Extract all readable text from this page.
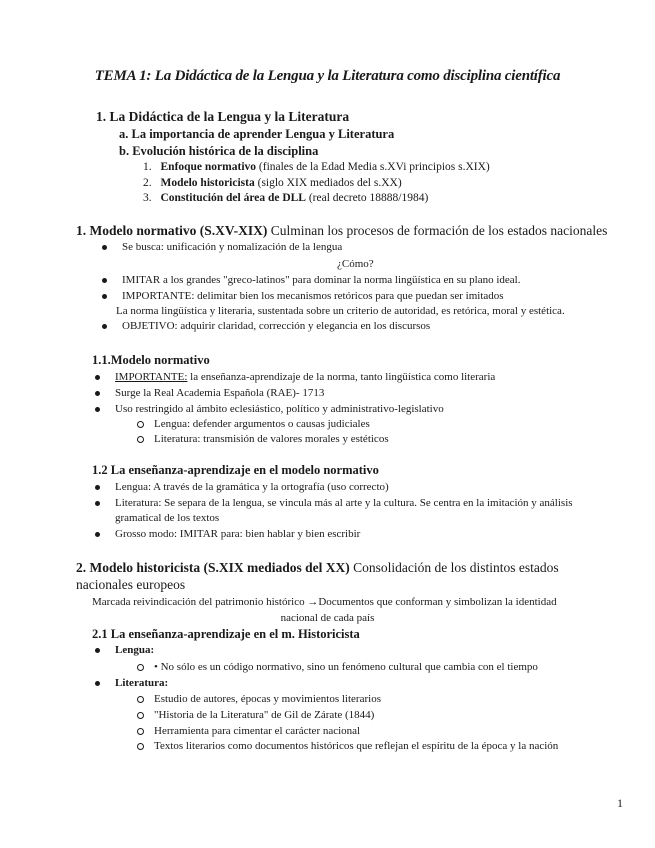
TEMA 1: La Didáctica de la Lengua y la Literatura como disciplina científica
1. La Didáctica de la Lengua y la Literatura
a. La importancia de aprender Lengua y Literatura
b. Evolución histórica de la disciplina
1. Enfoque normativo (finales de la Edad Media s.XVi principios s.XIX)
2. Modelo historicista (siglo XIX mediados del s.XX)
3. Constitución del área de DLL (real decreto 18888/1984)
1. Modelo normativo (S.XV-XIX) Culminan los procesos de formación de los estados nacionales
Se busca: unificación y nomalización de la lengua
¿Cómo?
IMITAR a los grandes "greco-latinos" para dominar la norma lingüística en su plano ideal.
IMPORTANTE: delimitar bien los mecanismos retóricos para que puedan ser imitados
La norma lingüística y literaria, sustentada sobre un criterio de autoridad, es retórica, moral y estética.
OBJETIVO: adquirir claridad, corrección y elegancia en los discursos
1.1.Modelo normativo
IMPORTANTE: la enseñanza-aprendizaje de la norma, tanto lingüística como literaria
Surge la Real Academia Española (RAE)- 1713
Uso restringido al ámbito eclesiástico, político y administrativo-legislativo
Lengua: defender argumentos o causas judiciales
Literatura: transmisión de valores morales y estéticos
1.2 La enseñanza-aprendizaje en el modelo normativo
Lengua: A través de la gramática y la ortografía (uso correcto)
Literatura: Se separa de la lengua, se vincula más al arte y la cultura. Se centra en la imitación y análisis
gramatical de los textos
Grosso modo: IMITAR para: bien hablar y bien escribir
2. Modelo historicista (S.XIX mediados del XX) Consolidación de los distintos estados
nacionales europeos
Marcada reivindicación del patrimonio histórico →Documentos que conforman y simbolizan la identidad
nacional de cada país
2.1 La enseñanza-aprendizaje en el m. Historicista
Lengua:
• No sólo es un código normativo, sino un fenómeno cultural que cambia con el tiempo
Literatura:
Estudio de autores, épocas y movimientos literarios
"Historia de la Literatura" de Gil de Zárate (1844)
Herramienta para cimentar el carácter nacional
Textos literarios como documentos históricos que reflejan el espíritu de la época y la nación
1
